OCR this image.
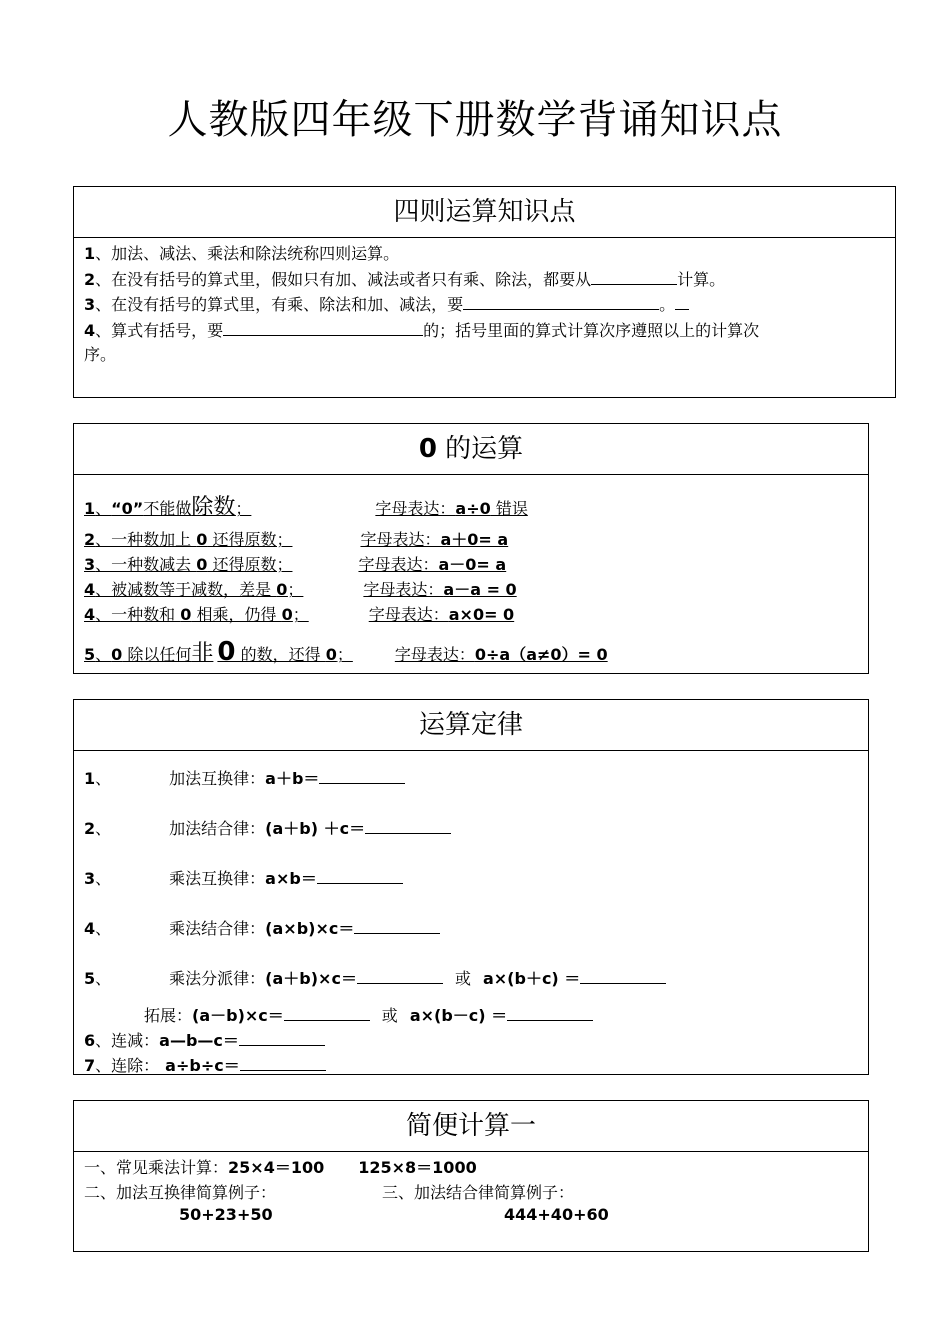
人教版四年级下册数学背诵知识点
四则运算知识点
1、加法、减法、乘法和除法统称四则运算。
2、在没有括号的算式里，假如只有加、减法或者只有乘、除法，都要从	计算。
3、在没有括号的算式里，有乘、除法和加、减法，要	。
4、算式有括号，要	的；括号里面的算式计算次序遵照以上的计算次
序。
0 的运算
1、“0”不能做除数；	字母表达：a÷0 错误
2、一种数加上 0 还得原数；	字母表达：a＋0= a
3、一种数减去 0 还得原数；	字母表达：a－0= a
4、被减数等于减数，差是 0；	字母表达：a－a = 0
4、一种数和 0 相乘，仍得 0；	字母表达：a×0= 0
5、0 除以任何非 0 的数，还得 0；	字母表达：0÷a（a≠0）= 0
运算定律
1、	加法互换律：a＋b＝
2、	加法结合律：(a＋b) ＋c＝
3、	乘法互换律：a×b＝
4、	乘法结合律：(a×b)×c＝
5、	乘法分派律：(a＋b)×c＝	或 a×(b＋c) ＝
拓展：(a－b)×c＝	或 a×(b－c) ＝
6、连减：a—b—c＝
7、连除： a÷b÷c＝
简便计算一
一、常见乘法计算：25×4＝100 125×8＝1000
二、加法互换律简算例子：	三、加法结合律简算例子：
50+23+50	444+40+60
